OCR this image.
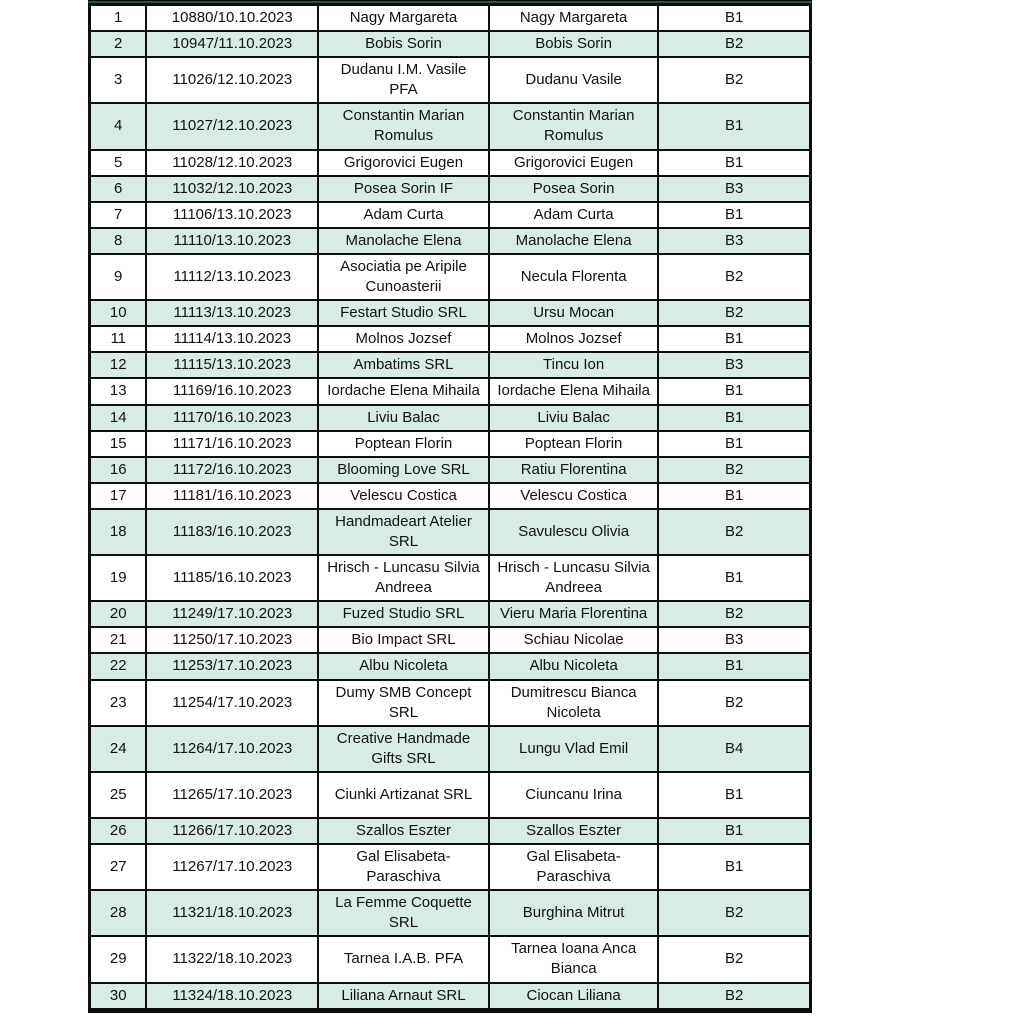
1	10880/10.10.2023	Nagy Margareta	Nagy Margareta	B1
2	10947/11.10.2023	Bobis Sorin	Bobis Sorin	B2
3	11026/12.10.2023	Dudanu I.M. Vasile PFA	Dudanu Vasile	B2
4	11027/12.10.2023	Constantin Marian Romulus	Constantin Marian Romulus	B1
5	11028/12.10.2023	Grigorovici Eugen	Grigorovici Eugen	B1
6	11032/12.10.2023	Posea Sorin IF	Posea Sorin	B3
7	11106/13.10.2023	Adam Curta	Adam Curta	B1
8	11110/13.10.2023	Manolache Elena	Manolache Elena	B3
9	11112/13.10.2023	Asociatia pe Aripile Cunoasterii	Necula Florenta	B2
10	11113/13.10.2023	Festart Studio SRL	Ursu Mocan	B2
11	11114/13.10.2023	Molnos Jozsef	Molnos Jozsef	B1
12	11115/13.10.2023	Ambatims SRL	Tincu Ion	B3
13	11169/16.10.2023	Iordache Elena Mihaila	Iordache Elena Mihaila	B1
14	11170/16.10.2023	Liviu Balac	Liviu Balac	B1
15	11171/16.10.2023	Poptean Florin	Poptean Florin	B1
16	11172/16.10.2023	Blooming Love SRL	Ratiu Florentina	B2
17	11181/16.10.2023	Velescu Costica	Velescu Costica	B1
18	11183/16.10.2023	Handmadeart Atelier SRL	Savulescu Olivia	B2
19	11185/16.10.2023	Hrisch - Luncasu Silvia Andreea	Hrisch - Luncasu Silvia Andreea	B1
20	11249/17.10.2023	Fuzed Studio SRL	Vieru Maria Florentina	B2
21	11250/17.10.2023	Bio Impact SRL	Schiau Nicolae	B3
22	11253/17.10.2023	Albu Nicoleta	Albu Nicoleta	B1
23	11254/17.10.2023	Dumy SMB Concept SRL	Dumitrescu Bianca Nicoleta	B2
24	11264/17.10.2023	Creative Handmade Gifts SRL	Lungu Vlad Emil	B4
25	11265/17.10.2023	Ciunki Artizanat SRL	Ciuncanu Irina	B1
26	11266/17.10.2023	Szallos Eszter	Szallos Eszter	B1
27	11267/17.10.2023	Gal Elisabeta-Paraschiva	Gal Elisabeta-Paraschiva	B1
28	11321/18.10.2023	La Femme Coquette SRL	Burghina Mitrut	B2
29	11322/18.10.2023	Tarnea I.A.B. PFA	Tarnea Ioana Anca Bianca	B2
30	11324/18.10.2023	Liliana Arnaut SRL	Ciocan Liliana	B2
